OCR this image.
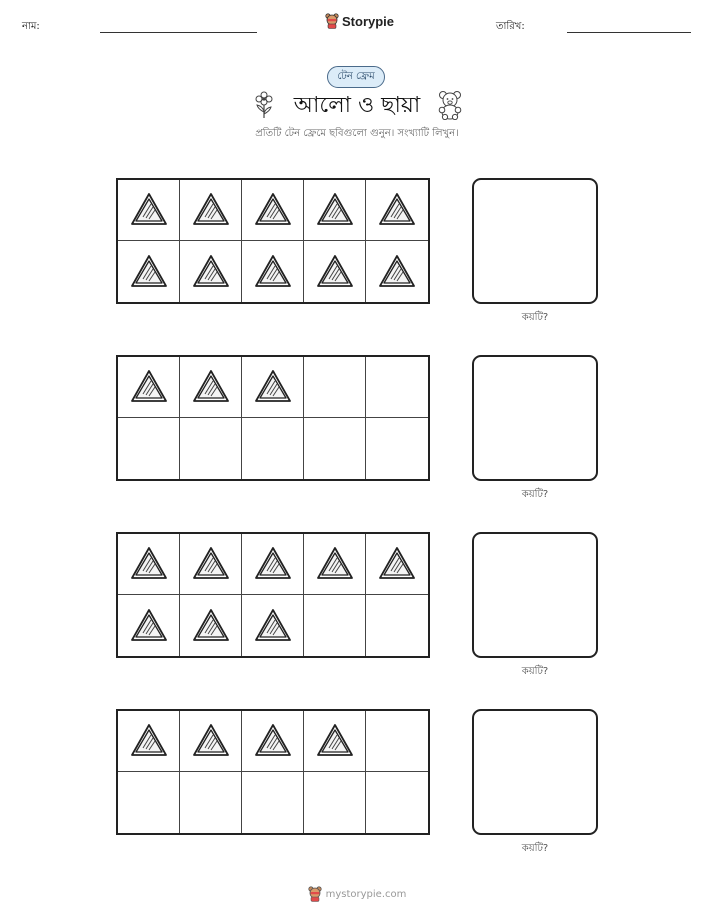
নাম:	Storypie	তারিখ:
টেন ফ্রেম
আলো ও ছায়া
প্রতিটি টেন ফ্রেমে ছবিগুলো গুনুন। সংখ্যাটি লিখুন।
কয়টি?
কয়টি?
কয়টি?
কয়টি?
mystorypie.com
